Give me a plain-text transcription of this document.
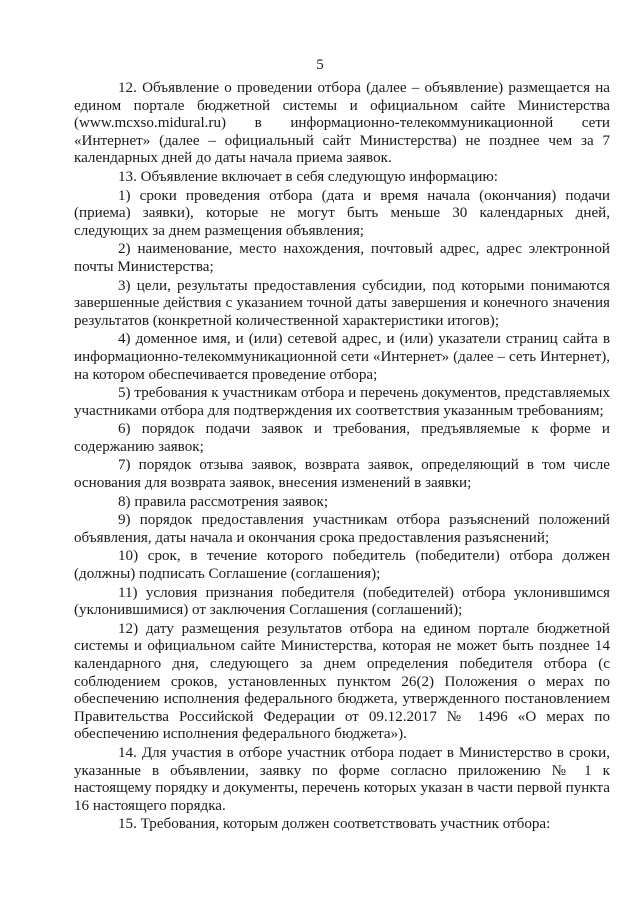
5

12. Объявление о проведении отбора (далее – объявление) размещается на едином портале бюджетной системы и официальном сайте Министерства (www.mcxso.midural.ru) в информационно-телекоммуникационной сети «Интернет» (далее – официальный сайт Министерства) не позднее чем за 7 календарных дней до даты начала приема заявок.

13. Объявление включает в себя следующую информацию:

1) сроки проведения отбора (дата и время начала (окончания) подачи (приема) заявки), которые не могут быть меньше 30 календарных дней, следующих за днем размещения объявления;

2) наименование, место нахождения, почтовый адрес, адрес электронной почты Министерства;

3) цели, результаты предоставления субсидии, под которыми понимаются завершенные действия с указанием точной даты завершения и конечного значения результатов (конкретной количественной характеристики итогов);

4) доменное имя, и (или) сетевой адрес, и (или) указатели страниц сайта в информационно-телекоммуникационной сети «Интернет» (далее – сеть Интернет), на котором обеспечивается проведение отбора;

5) требования к участникам отбора и перечень документов, представляемых участниками отбора для подтверждения их соответствия указанным требованиям;

6) порядок подачи заявок и требования, предъявляемые к форме и содержанию заявок;

7) порядок отзыва заявок, возврата заявок, определяющий в том числе основания для возврата заявок, внесения изменений в заявки;

8) правила рассмотрения заявок;

9) порядок предоставления участникам отбора разъяснений положений объявления, даты начала и окончания срока предоставления разъяснений;

10) срок, в течение которого победитель (победители) отбора должен (должны) подписать Соглашение (соглашения);

11) условия признания победителя (победителей) отбора уклонившимся (уклонившимися) от заключения Соглашения (соглашений);

12) дату размещения результатов отбора на едином портале бюджетной системы и официальном сайте Министерства, которая не может быть позднее 14 календарного дня, следующего за днем определения победителя отбора (с соблюдением сроков, установленных пунктом 26(2) Положения о мерах по обеспечению исполнения федерального бюджета, утвержденного постановлением Правительства Российской Федерации от 09.12.2017 № 1496 «О мерах по обеспечению исполнения федерального бюджета»).

14. Для участия в отборе участник отбора подает в Министерство в сроки, указанные в объявлении, заявку по форме согласно приложению № 1 к настоящему порядку и документы, перечень которых указан в части первой пункта 16 настоящего порядка.

15. Требования, которым должен соответствовать участник отбора:
